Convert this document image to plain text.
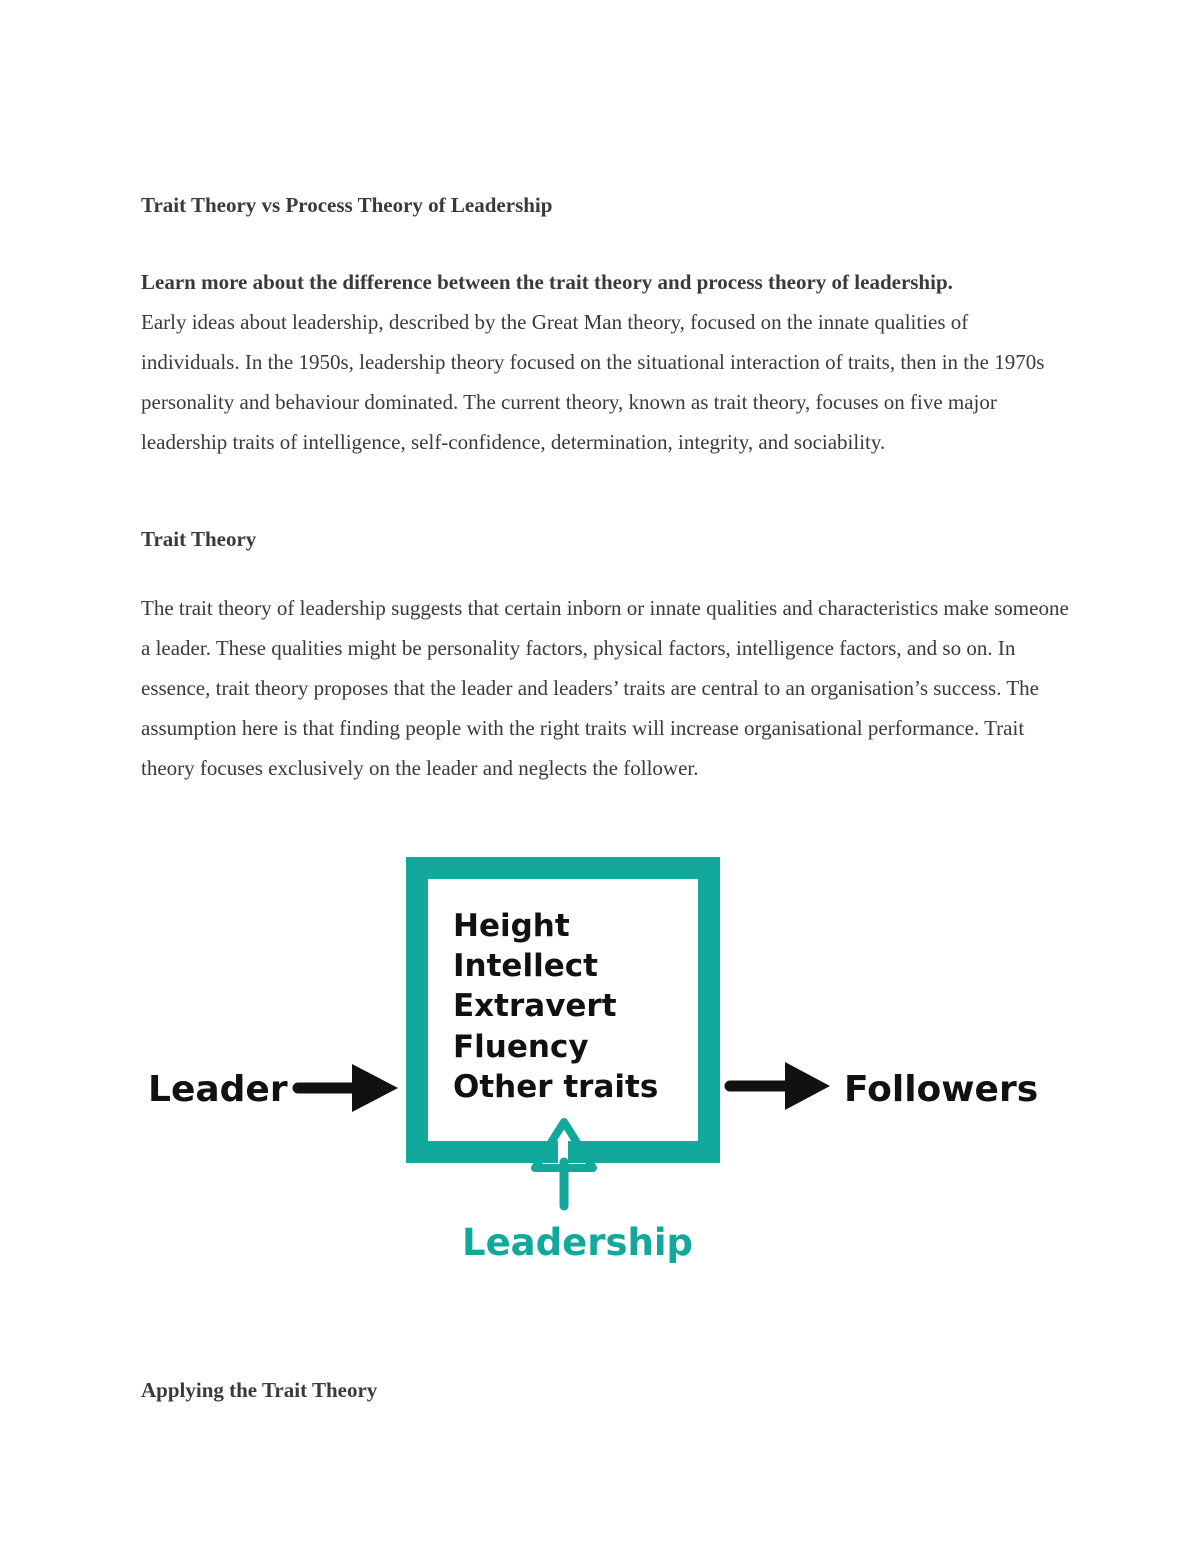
Trait Theory vs Process Theory of Leadership

Learn more about the difference between the trait theory and process theory of leadership.
Early ideas about leadership, described by the Great Man theory, focused on the innate qualities of individuals. In the 1950s, leadership theory focused on the situational interaction of traits, then in the 1970s personality and behaviour dominated. The current theory, known as trait theory, focuses on five major leadership traits of intelligence, self-confidence, determination, integrity, and sociability.

Trait Theory

The trait theory of leadership suggests that certain inborn or innate qualities and characteristics make someone a leader. These qualities might be personality factors, physical factors, intelligence factors, and so on. In essence, trait theory proposes that the leader and leaders’ traits are central to an organisation’s success. The assumption here is that finding people with the right traits will increase organisational performance. Trait theory focuses exclusively on the leader and neglects the follower.

Height
Intellect
Extravert
Fluency
Other traits
Leader	Followers
Leadership
Applying the Trait Theory
